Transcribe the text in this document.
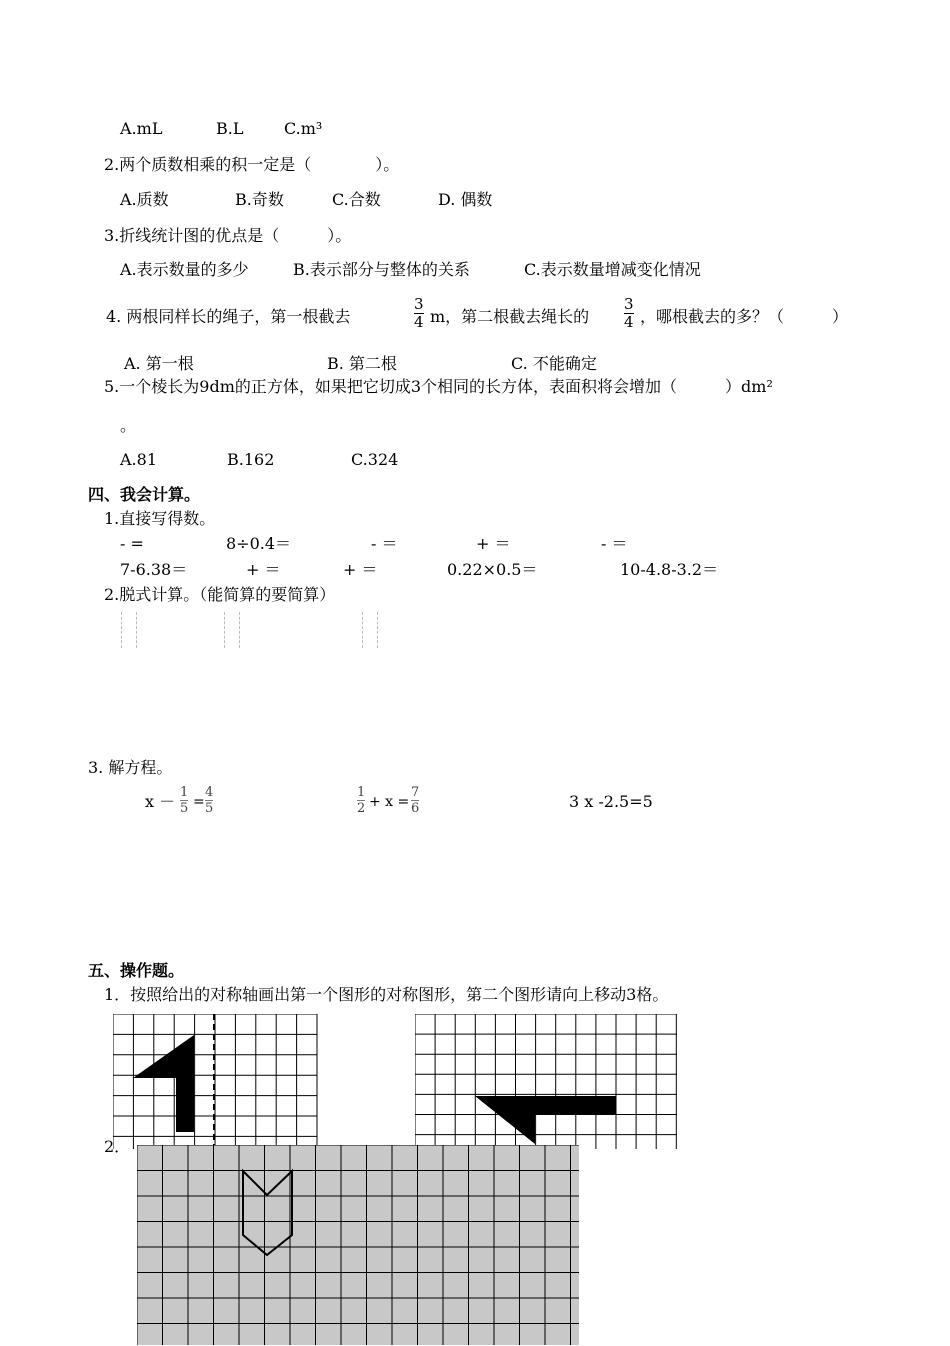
A.mL	B.L	C.m³
2.两个质数相乘的积一定是（　　　　）。
A.质数	B.奇数	C.合数	D. 偶数
3.折线统计图的优点是（　　　）。
A.表示数量的多少	B.表示部分与整体的关系	C.表示数量增减变化情况
4. 两根同样长的绳子，第一根截去
3
4 m，第二根截去绳长的
3
4 ，哪根截去的多？（　　　）
A. 第一根	B. 第二根	C. 不能确定
5.一个棱长为9dm的正方体，如果把它切成3个相同的长方体，表面积将会增加（　　　）dm²
。
A.81	B.162	C.324
四、我会计算。
1.直接写得数。
- =	8÷0.4＝	- ＝	+ ＝	- ＝
7-6.38＝	+ ＝	+ ＝	0.22×0.5＝	10-4.8-3.2＝
2.脱式计算。（能简算的要简算）
3. 解方程。
x － 1
5 =
4
5
1
2 + x =
7
6	3 x -2.5=5
五、操作题。
1．按照给出的对称轴画出第一个图形的对称图形，第二个图形请向上移动3格。
2．
